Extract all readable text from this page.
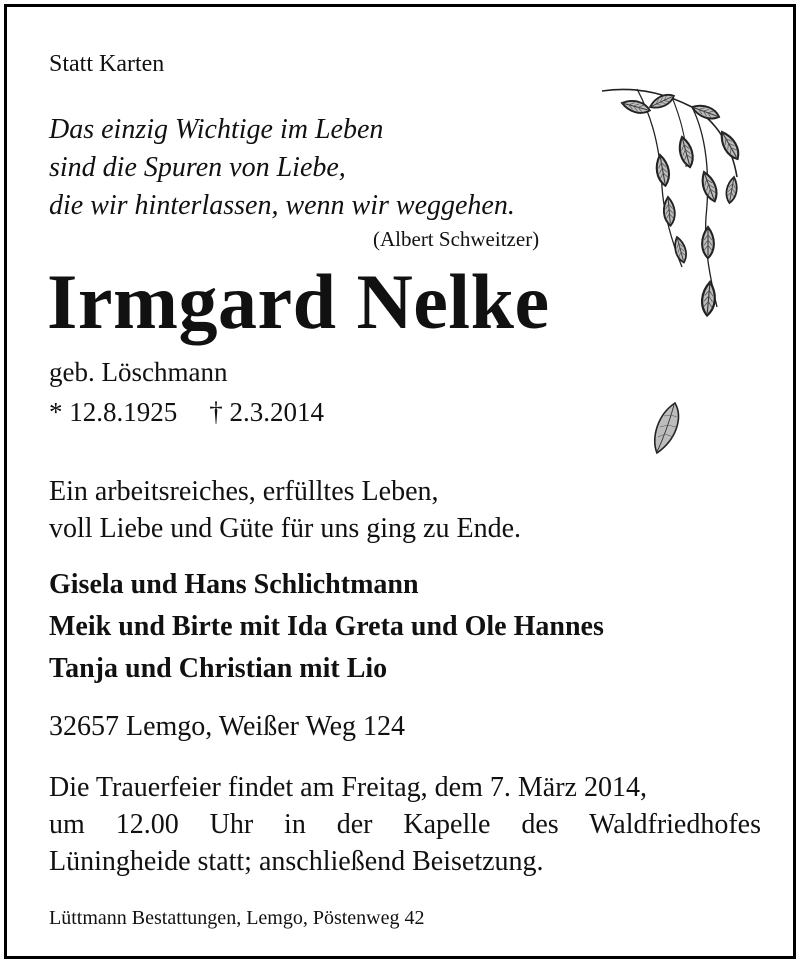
Statt Karten
Das einzig Wichtige im Leben
sind die Spuren von Liebe,
die wir hinterlassen, wenn wir weggehen.
(Albert Schweitzer)
Irmgard Nelke
geb. Löschmann
* 12.8.1925 † 2.3.2014
Ein arbeitsreiches, erfülltes Leben,
voll Liebe und Güte für uns ging zu Ende.
Gisela und Hans Schlichtmann
Meik und Birte mit Ida Greta und Ole Hannes
Tanja und Christian mit Lio
32657 Lemgo, Weißer Weg 124
Die Trauerfeier findet am Freitag, dem 7. März 2014,
um 12.00 Uhr in der Kapelle des Waldfriedhofes
Lüningheide statt; anschließend Beisetzung.
Lüttmann Bestattungen, Lemgo, Pöstenweg 42
